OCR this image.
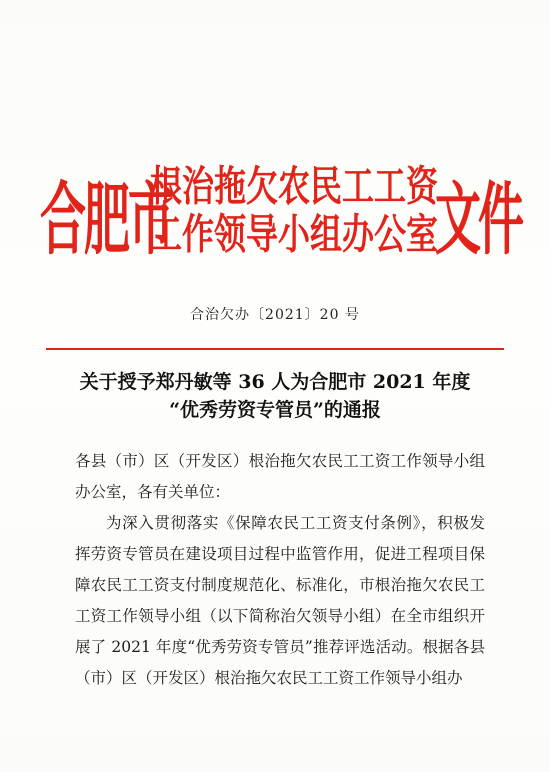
合肥市
根治拖欠农民工工资
工作领导小组办公室
文件
合治欠办〔2021〕20 号
关于授予郑丹敏等 36 人为合肥市 2021 年度
“优秀劳资专管员”的通报

各县（市）区（开发区）根治拖欠农民工工资工作领导小组办公室，各有关单位：

为深入贯彻落实《保障农民工工资支付条例》，积极发挥劳资专管员在建设项目过程中监管作用，促进工程项目保障农民工工资支付制度规范化、标准化，市根治拖欠农民工工资工作领导小组（以下简称治欠领导小组）在全市组织开展了 2021 年度“优秀劳资专管员”推荐评选活动。根据各县（市）区（开发区）根治拖欠农民工工资工作领导小组办
